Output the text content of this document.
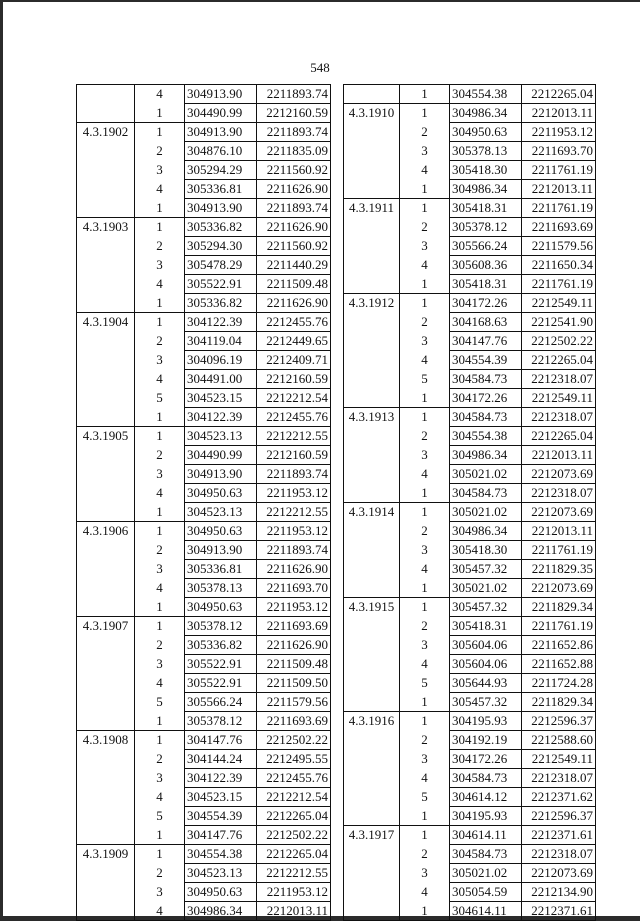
548
	4	304913.90	2211893.74
	1	304490.99	2212160.59
4.3.1902	1	304913.90	2211893.74
	2	304876.10	2211835.09
	3	305294.29	2211560.92
	4	305336.81	2211626.90
	1	304913.90	2211893.74
4.3.1903	1	305336.82	2211626.90
	2	305294.30	2211560.92
	3	305478.29	2211440.29
	4	305522.91	2211509.48
	1	305336.82	2211626.90
4.3.1904	1	304122.39	2212455.76
	2	304119.04	2212449.65
	3	304096.19	2212409.71
	4	304491.00	2212160.59
	5	304523.15	2212212.54
	1	304122.39	2212455.76
4.3.1905	1	304523.13	2212212.55
	2	304490.99	2212160.59
	3	304913.90	2211893.74
	4	304950.63	2211953.12
	1	304523.13	2212212.55
4.3.1906	1	304950.63	2211953.12
	2	304913.90	2211893.74
	3	305336.81	2211626.90
	4	305378.13	2211693.70
	1	304950.63	2211953.12
4.3.1907	1	305378.12	2211693.69
	2	305336.82	2211626.90
	3	305522.91	2211509.48
	4	305522.91	2211509.50
	5	305566.24	2211579.56
	1	305378.12	2211693.69
4.3.1908	1	304147.76	2212502.22
	2	304144.24	2212495.55
	3	304122.39	2212455.76
	4	304523.15	2212212.54
	5	304554.39	2212265.04
	1	304147.76	2212502.22
4.3.1909	1	304554.38	2212265.04
	2	304523.13	2212212.55
	3	304950.63	2211953.12
	4	304986.34	2212013.11
	1	304554.38	2212265.04
4.3.1910	1	304986.34	2212013.11
	2	304950.63	2211953.12
	3	305378.13	2211693.70
	4	305418.30	2211761.19
	1	304986.34	2212013.11
4.3.1911	1	305418.31	2211761.19
	2	305378.12	2211693.69
	3	305566.24	2211579.56
	4	305608.36	2211650.34
	1	305418.31	2211761.19
4.3.1912	1	304172.26	2212549.11
	2	304168.63	2212541.90
	3	304147.76	2212502.22
	4	304554.39	2212265.04
	5	304584.73	2212318.07
	1	304172.26	2212549.11
4.3.1913	1	304584.73	2212318.07
	2	304554.38	2212265.04
	3	304986.34	2212013.11
	4	305021.02	2212073.69
	1	304584.73	2212318.07
4.3.1914	1	305021.02	2212073.69
	2	304986.34	2212013.11
	3	305418.30	2211761.19
	4	305457.32	2211829.35
	1	305021.02	2212073.69
4.3.1915	1	305457.32	2211829.34
	2	305418.31	2211761.19
	3	305604.06	2211652.86
	4	305604.06	2211652.88
	5	305644.93	2211724.28
	1	305457.32	2211829.34
4.3.1916	1	304195.93	2212596.37
	2	304192.19	2212588.60
	3	304172.26	2212549.11
	4	304584.73	2212318.07
	5	304614.12	2212371.62
	1	304195.93	2212596.37
4.3.1917	1	304614.11	2212371.61
	2	304584.73	2212318.07
	3	305021.02	2212073.69
	4	305054.59	2212134.90
	1	304614.11	2212371.61
